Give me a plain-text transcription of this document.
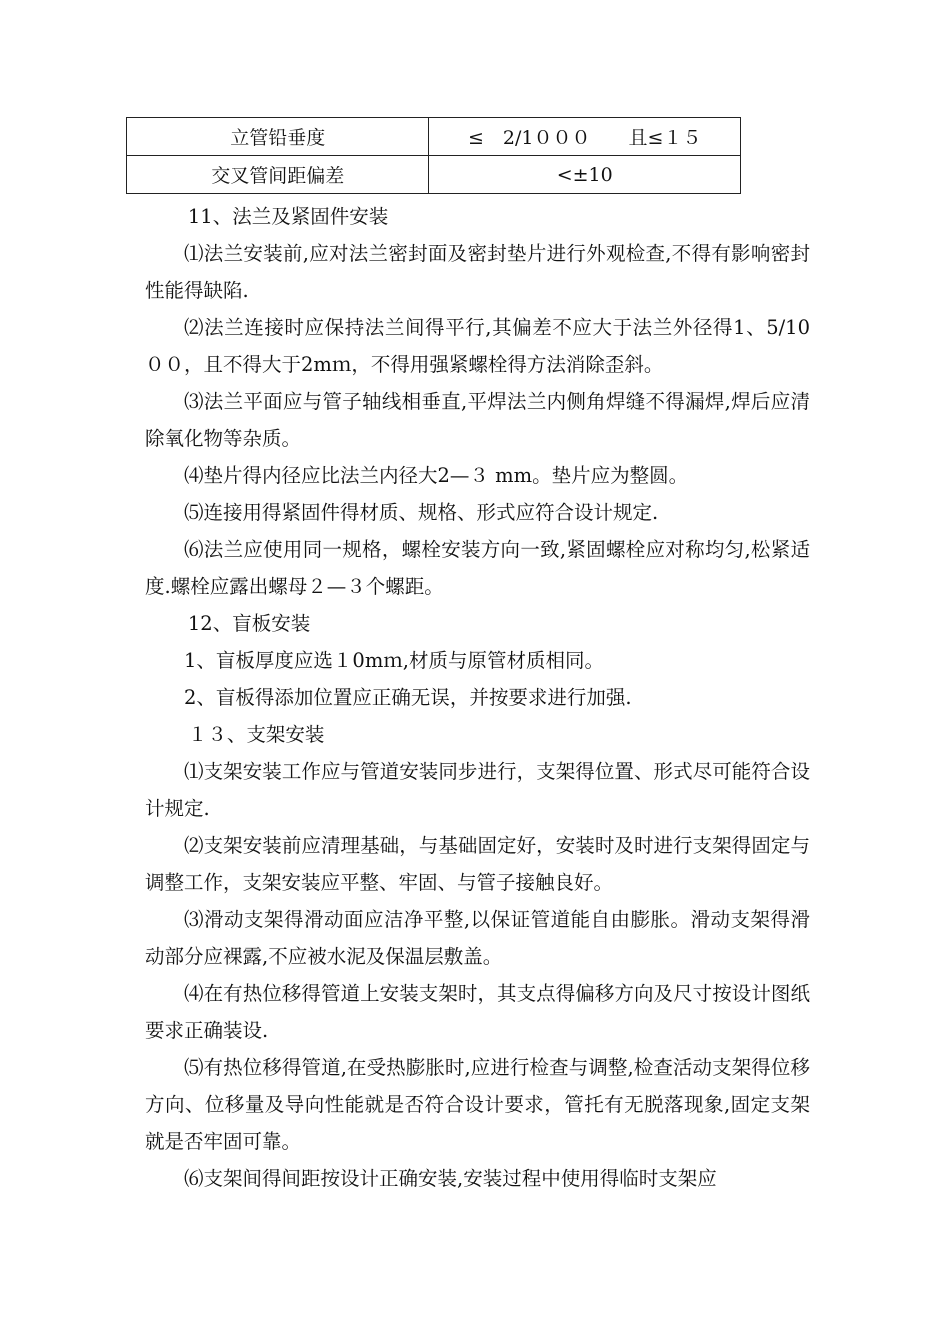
立管铅垂度	≤　2/1０００　　且≤１５
交叉管间距偏差	<±10

11、法兰及紧固件安装

⑴法兰安装前,应对法兰密封面及密封垫片进行外观检查,不得有影响密封性能得缺陷.

⑵法兰连接时应保持法兰间得平行,其偏差不应大于法兰外径得1、5/10００，且不得大于2mｍ，不得用强紧螺栓得方法消除歪斜。

⑶法兰平面应与管子轴线相垂直,平焊法兰内侧角焊缝不得漏焊,焊后应清除氧化物等杂质。

⑷垫片得内径应比法兰内径大2—３ mm。垫片应为整圆。

⑸连接用得紧固件得材质、规格、形式应符合设计规定.

⑹法兰应使用同一规格，螺栓安装方向一致,紧固螺栓应对称均匀,松紧适度.螺栓应露出螺母２—３个螺距。

12、盲板安装

1、盲板厚度应选１0mｍ,材质与原管材质相同。

2、盲板得添加位置应正确无误，并按要求进行加强.

１３、支架安装

⑴支架安装工作应与管道安装同步进行，支架得位置、形式尽可能符合设计规定.

⑵支架安装前应清理基础，与基础固定好，安装时及时进行支架得固定与调整工作，支架安装应平整、牢固、与管子接触良好。

⑶滑动支架得滑动面应洁净平整,以保证管道能自由膨胀。滑动支架得滑动部分应裸露,不应被水泥及保温层敷盖。

⑷在有热位移得管道上安装支架时，其支点得偏移方向及尺寸按设计图纸要求正确装设.

⑸有热位移得管道,在受热膨胀时,应进行检查与调整,检查活动支架得位移方向、位移量及导向性能就是否符合设计要求，管托有无脱落现象,固定支架就是否牢固可靠。

⑹支架间得间距按设计正确安装,安装过程中使用得临时支架应
